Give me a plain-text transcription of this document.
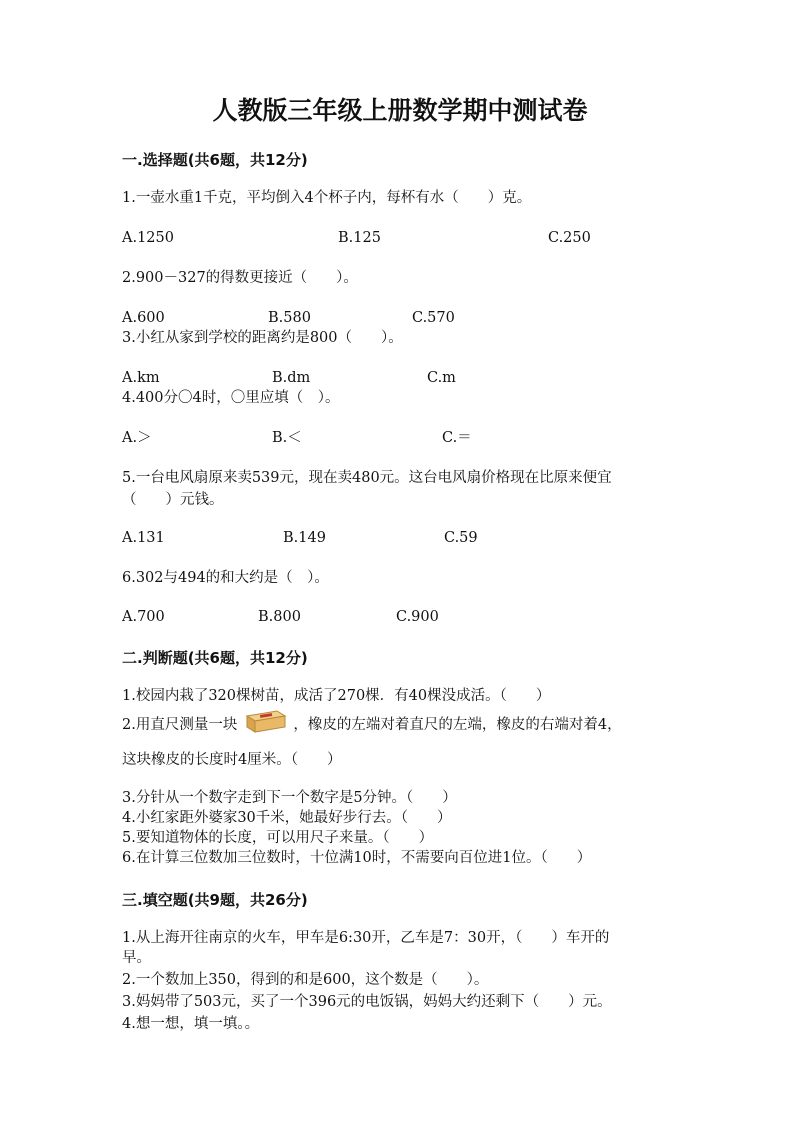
人教版三年级上册数学期中测试卷
一.选择题(共6题，共12分)
1.一壶水重1千克，平均倒入4个杯子内，每杯有水（　　）克。
A.1250	B.125	C.250
2.900－327的得数更接近（　　）。
A.600	B.580	C.570
3.小红从家到学校的距离约是800（　　）。
A.km	B.dm	C.m
4.400分〇4时，〇里应填（　）。
A.＞	B.＜	C.＝
5.一台电风扇原来卖539元，现在卖480元。这台电风扇价格现在比原来便宜
（　　）元钱。
A.131	B.149	C.59
6.302与494的和大约是（　）。
A.700	B.800	C.900
二.判断题(共6题，共12分)
1.校园内栽了320棵树苗，成活了270棵．有40棵没成活。（　　）
2.用直尺测量一块	，橡皮的左端对着直尺的左端，橡皮的右端对着4，
这块橡皮的长度时4厘米。（　　）
3.分针从一个数字走到下一个数字是5分钟。（　　）
4.小红家距外婆家30千米，她最好步行去。（　　）
5.要知道物体的长度，可以用尺子来量。（　　）
6.在计算三位数加三位数时，十位满10时，不需要向百位进1位。（　　）
三.填空题(共9题，共26分)
1.从上海开往南京的火车，甲车是6:30开，乙车是7：30开，（　　）车开的
早。
2.一个数加上350，得到的和是600，这个数是（　　）。
3.妈妈带了503元，买了一个396元的电饭锅，妈妈大约还剩下（　　）元。
4.想一想，填一填。。
